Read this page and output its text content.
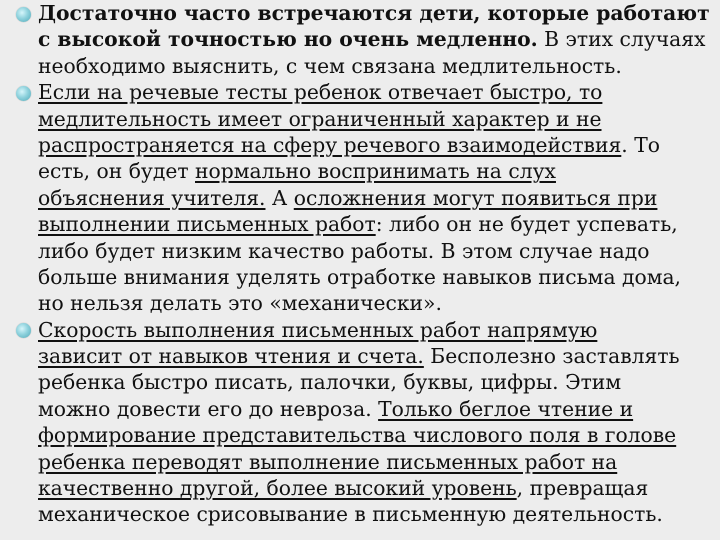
Достаточно часто встречаются дети, которые работают
с высокой точностью но очень медленно. В этих случаях
необходимо выяснить, с чем связана медлительность.
Если на речевые тесты ребенок отвечает быстро, то
медлительность имеет ограниченный характер и не
распространяется на сферу речевого взаимодействия. То
есть, он будет нормально воспринимать на слух
объяснения учителя. А осложнения могут появиться при
выполнении письменных работ: либо он не будет успевать,
либо будет низким качество работы. В этом случае надо
больше внимания уделять отработке навыков письма дома,
но нельзя делать это «механически».
Скорость выполнения письменных работ напрямую
зависит от навыков чтения и счета. Бесполезно заставлять
ребенка быстро писать, палочки, буквы, цифры. Этим
можно довести его до невроза. Только беглое чтение и
формирование представительства числового поля в голове
ребенка переводят выполнение письменных работ на
качественно другой, более высокий уровень, превращая
механическое срисовывание в письменную деятельность.
